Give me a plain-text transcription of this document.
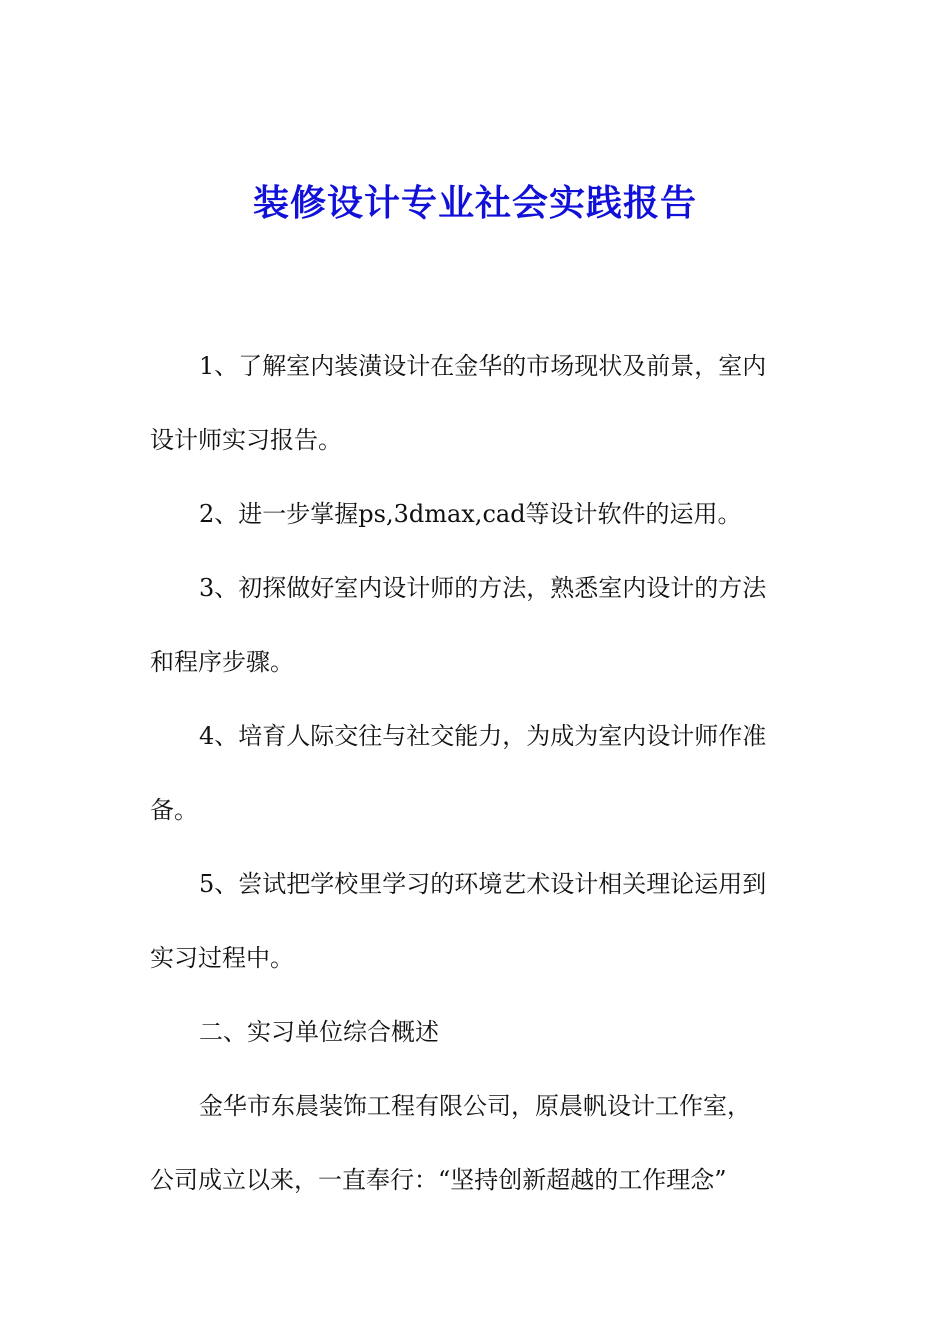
装修设计专业社会实践报告

1、了解室内装潢设计在金华的市场现状及前景，室内
设计师实习报告。

2、进一步掌握ps,3dmax,cad等设计软件的运用。

3、初探做好室内设计师的方法，熟悉室内设计的方法
和程序步骤。

4、培育人际交往与社交能力，为成为室内设计师作准
备。

5、尝试把学校里学习的环境艺术设计相关理论运用到
实习过程中。

二、实习单位综合概述

金华市东晨装饰工程有限公司，原晨帆设计工作室，
公司成立以来，一直奉行：“坚持创新超越的工作理念”
